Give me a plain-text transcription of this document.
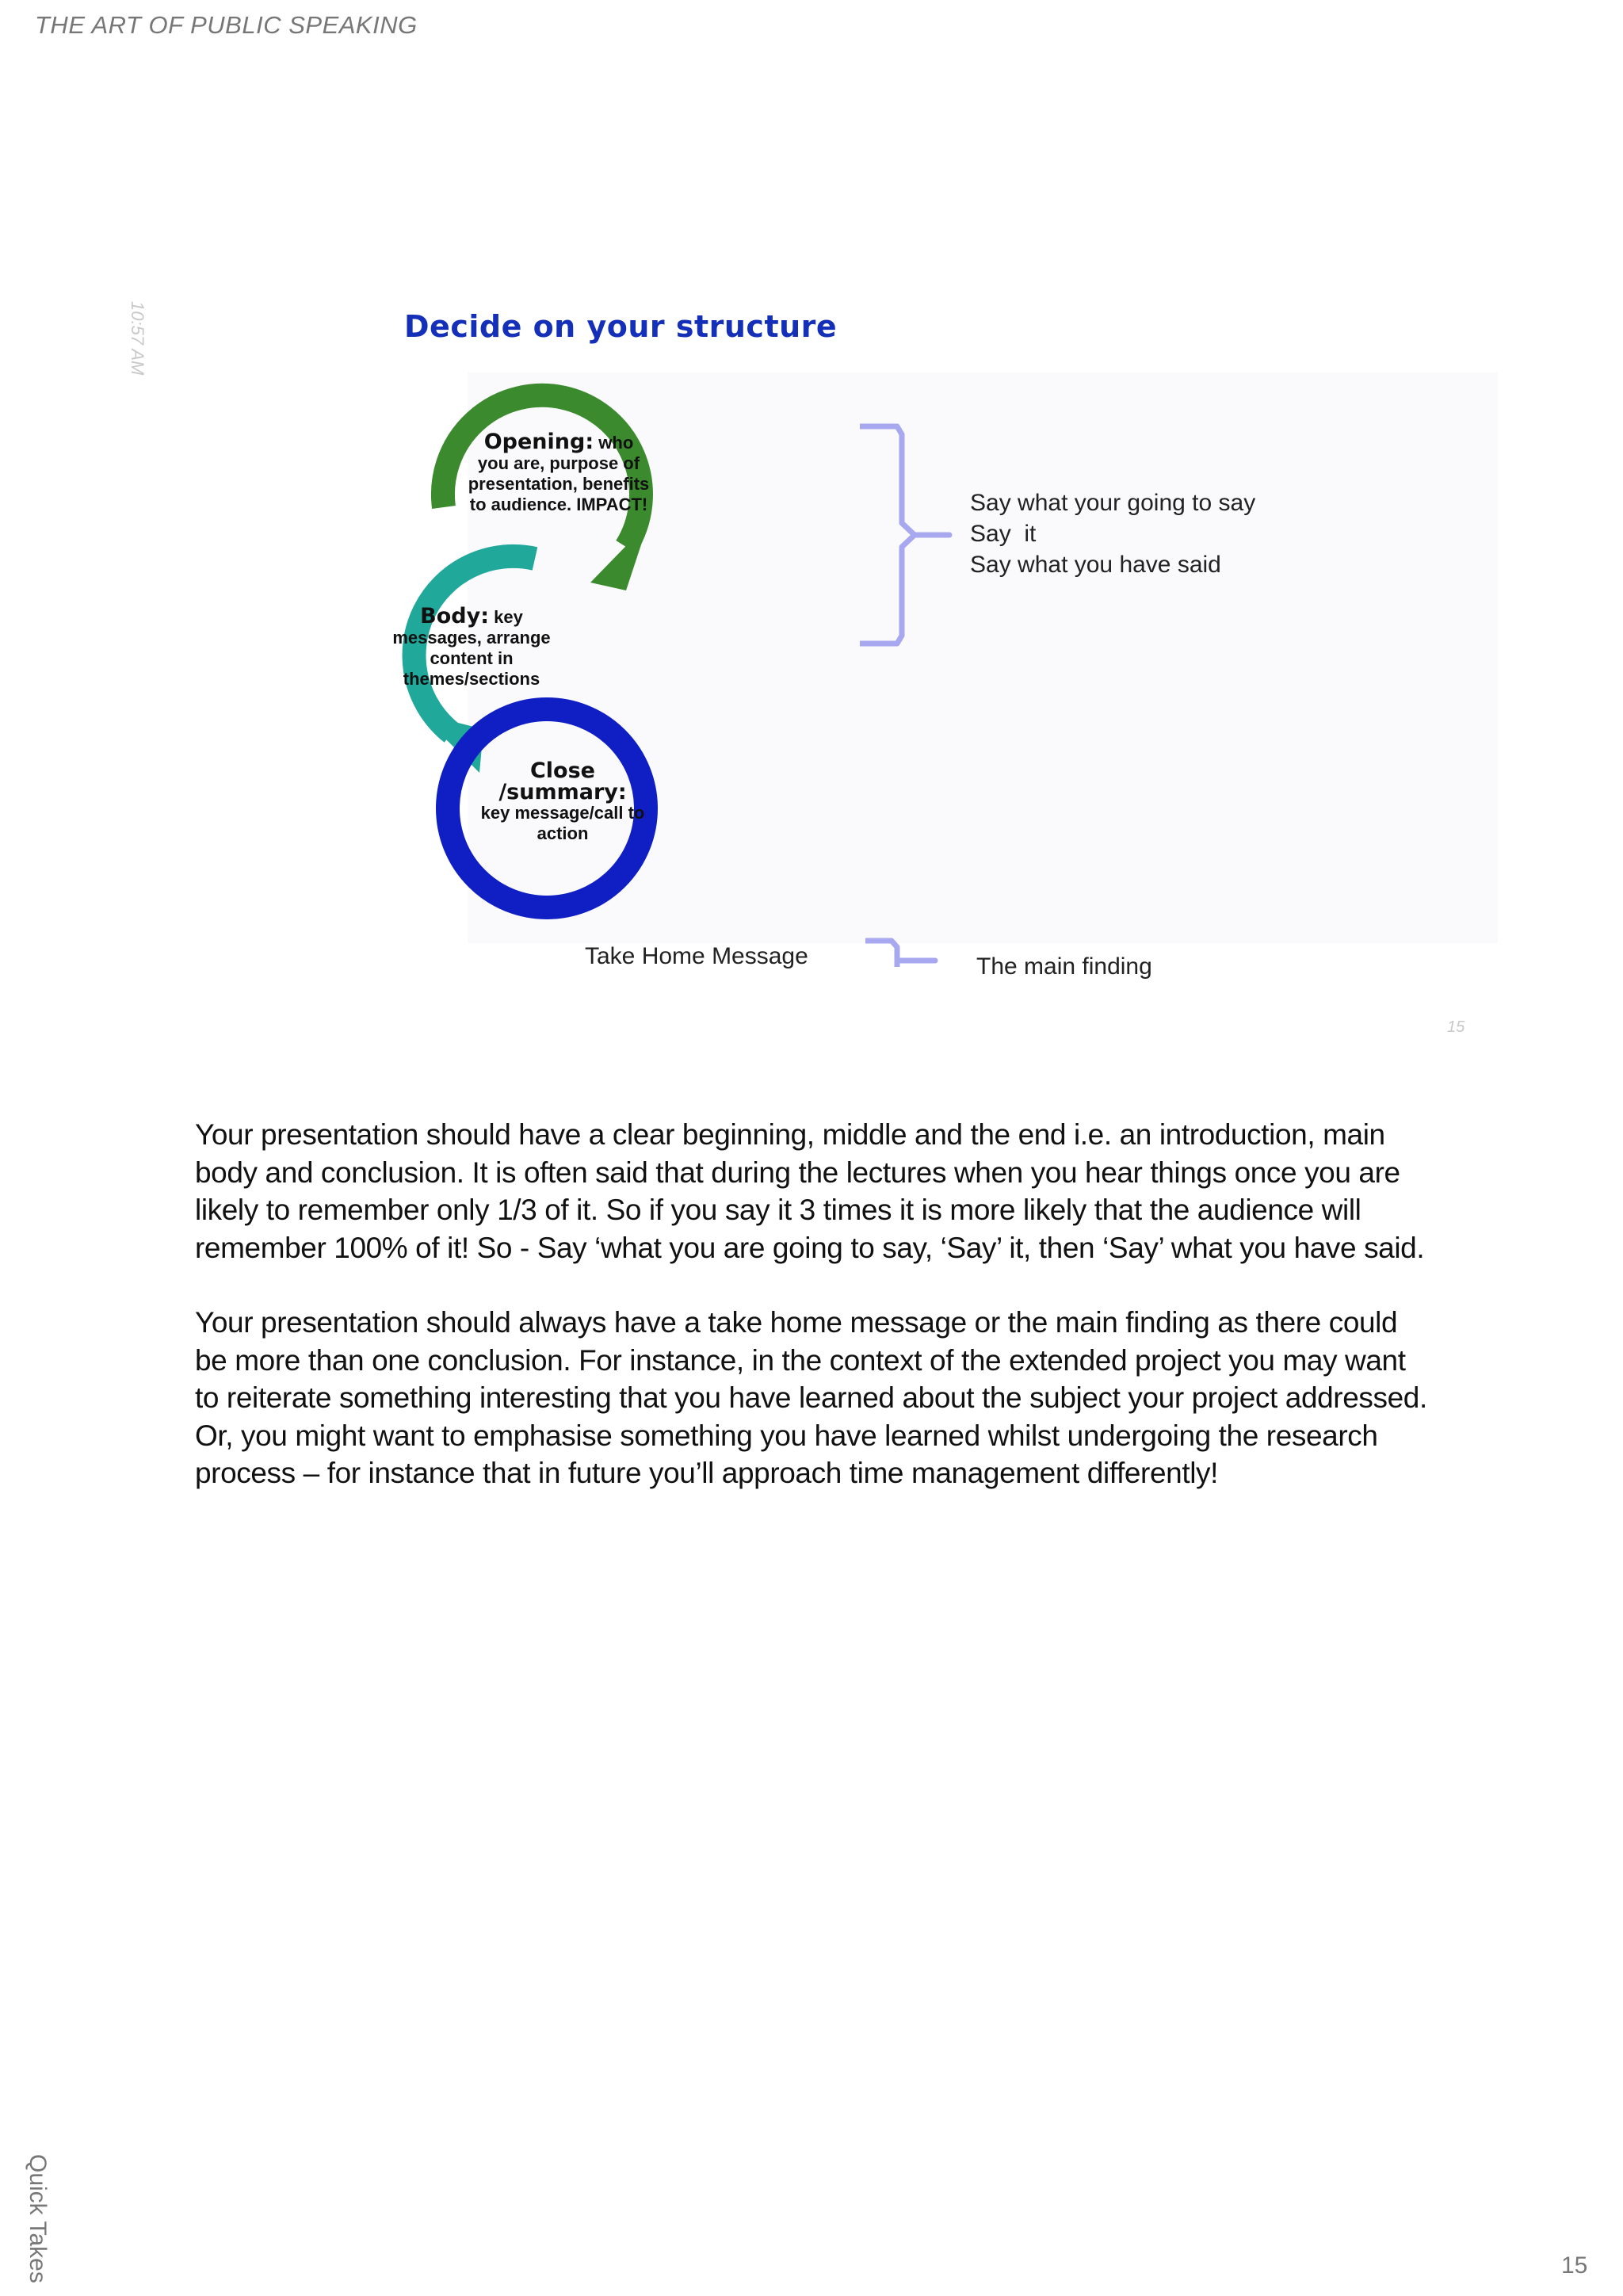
THE ART OF PUBLIC SPEAKING
10:57 AM	Decide on your structure
Opening: who you are, purpose of presentation, benefits to audience. IMPACT!
Body: key messages, arrange content in themes/sections
Close
/summary:
key message/call to action
Say what your going to say
Say  it
Say what you have said
Take Home Message	The main finding
15

Your presentation should have a clear beginning, middle and the end i.e. an introduction, main body and conclusion. It is often said that during the lectures when you hear things once you are likely to remember only 1/3 of it. So if you say it 3 times it is more likely that the audience will remember 100% of it! So - Say ‘what you are going to say, ‘Say’ it, then ‘Say’ what you have said.

Your presentation should always have a take home message or the main finding as there could be more than one conclusion. For instance, in the context of the extended project you may want to reiterate something interesting that you have learned about the subject your project addressed. Or, you might want to emphasise something you have learned whilst undergoing the research process – for instance that in future you’ll approach time management differently!

Quick Takes	15
